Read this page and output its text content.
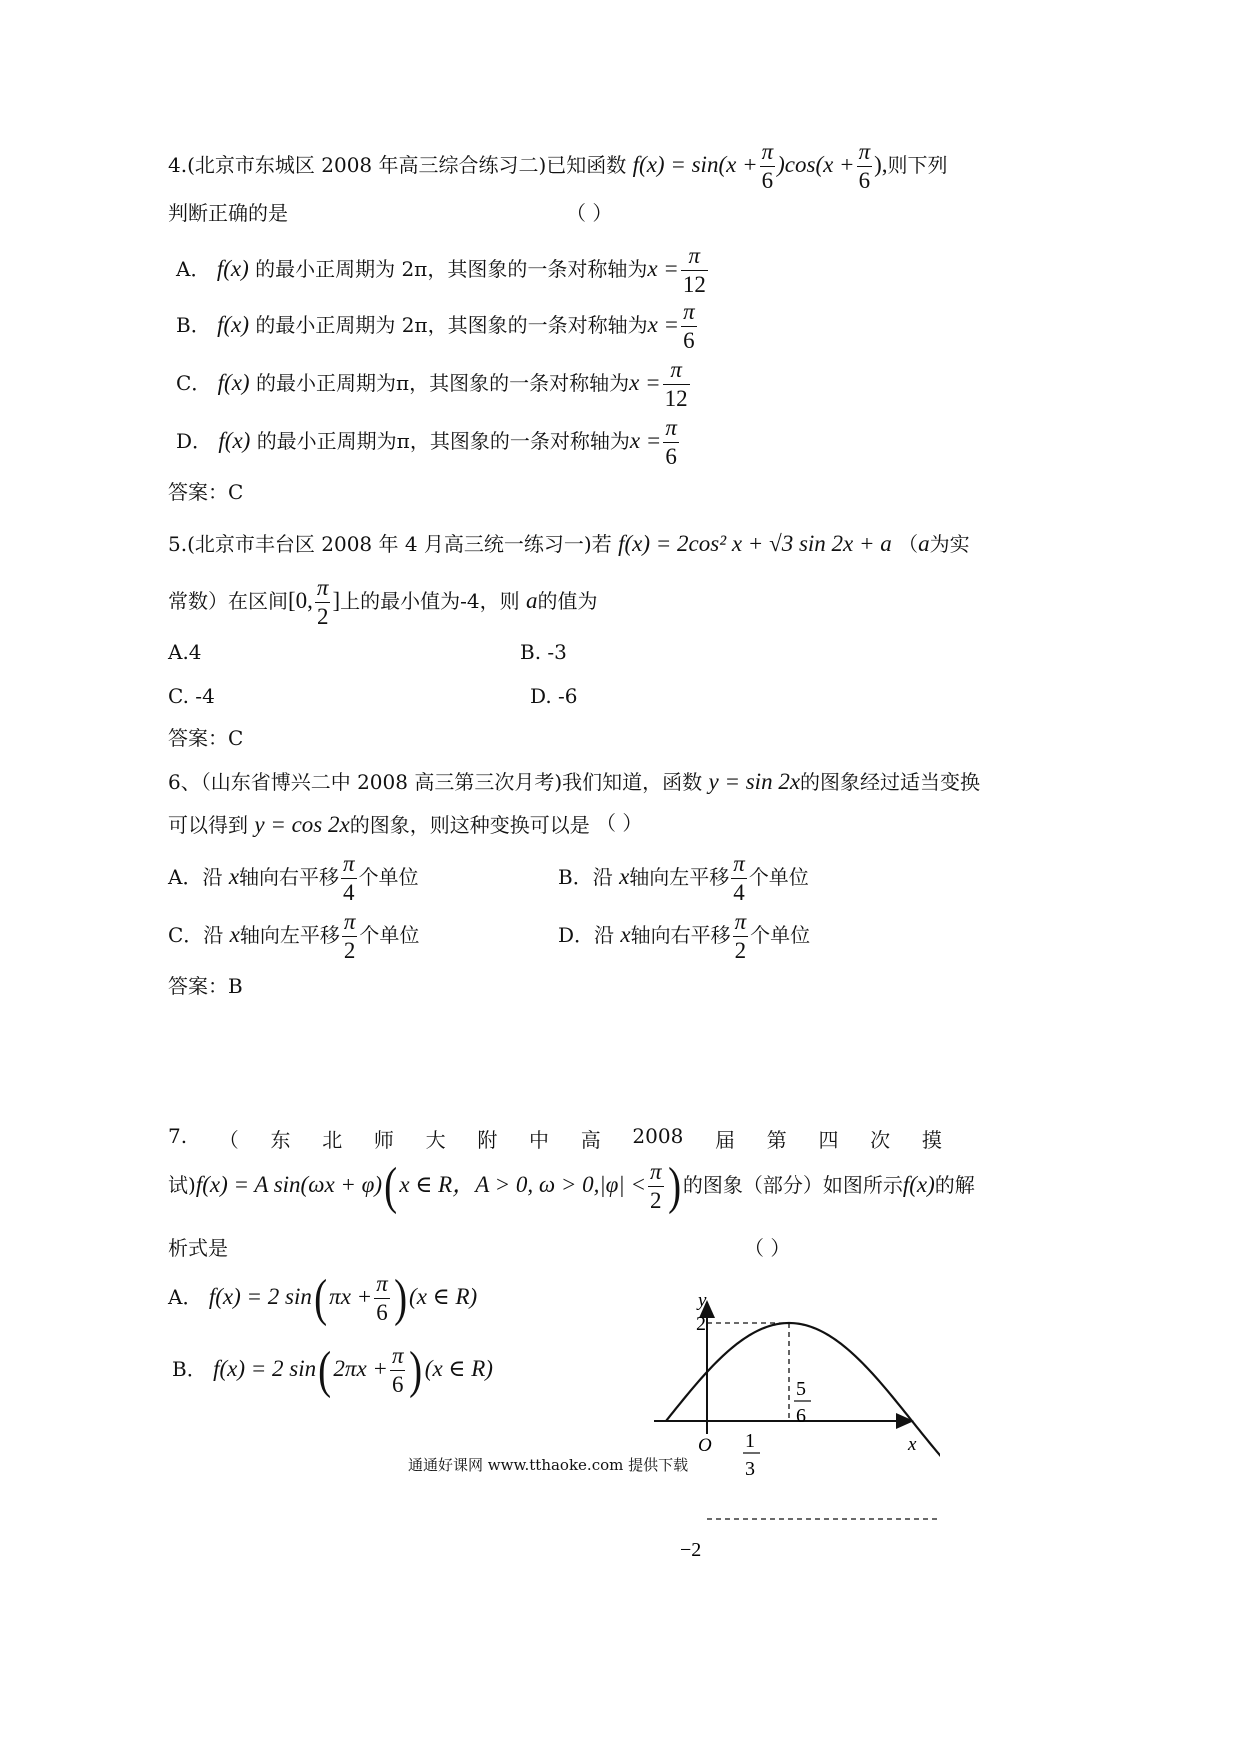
4.(北京市东城区 2008 年高三综合练习二)已知函数 $f(x) = \sin(x + \frac{\pi}{6} )\cos(x + \frac{\pi}{6}$ ),则下列
判断正确的是	（ ）
A． f(x) 的最小正周期为 2π，其图象的一条对称轴为$x = \frac{\pi}{12}$
B． f(x) 的最小正周期为 2π，其图象的一条对称轴为$x = \frac{\pi}{6}$
C． f(x) 的最小正周期为π，其图象的一条对称轴为$x = \frac{\pi}{12}$
D． f(x) 的最小正周期为π，其图象的一条对称轴为$x = \frac{\pi}{6}$
答案：C
5.(北京市丰台区 2008 年 4 月高三统一练习一)若 f(x) = 2cos² x + √3 sin 2x + a （a为实
常数）在区间[0, $\frac{\pi}{2}$ ]上的最小值为-4，则 a的值为
A.4	B. -3
C. -4	D. -6
答案：C
6、（山东省博兴二中 2008 高三第三次月考)我们知道，函数 y = sin 2x的图象经过适当变换
可以得到 y = cos 2x的图象，则这种变换可以是 （ ）
A．沿 x轴向右平移 $\frac{\pi}{4}$ 个单位	B．沿 x轴向左平移 $\frac{\pi}{4}$ 个单位
C．沿 x轴向左平移 $\frac{\pi}{2}$ 个单位	D．沿 x轴向右平移 $\frac{\pi}{2}$ 个单位
答案：B
7. （ 东 北 师 大 附 中 高 2008 届 第 四 次 摸
试)f(x) = A sin(ωx + φ)(x ∈ R，A > 0, $\omega > 0,|\varphi| < \frac{\pi}{2}$ ) 的图象（部分）如图所示f(x)的解
析式是	（ ）
A． f(x) = 2 $\sin(\pi x + \frac{\pi}{6} )(x$ ∈ R)
B． f(x) = 2 $\sin(2\pi x + \frac{\pi}{6} )(x$ ∈ R)
y
x
O
2
−2
1
3
5
6
通通好课网 www.tthaoke.com 提供下载
